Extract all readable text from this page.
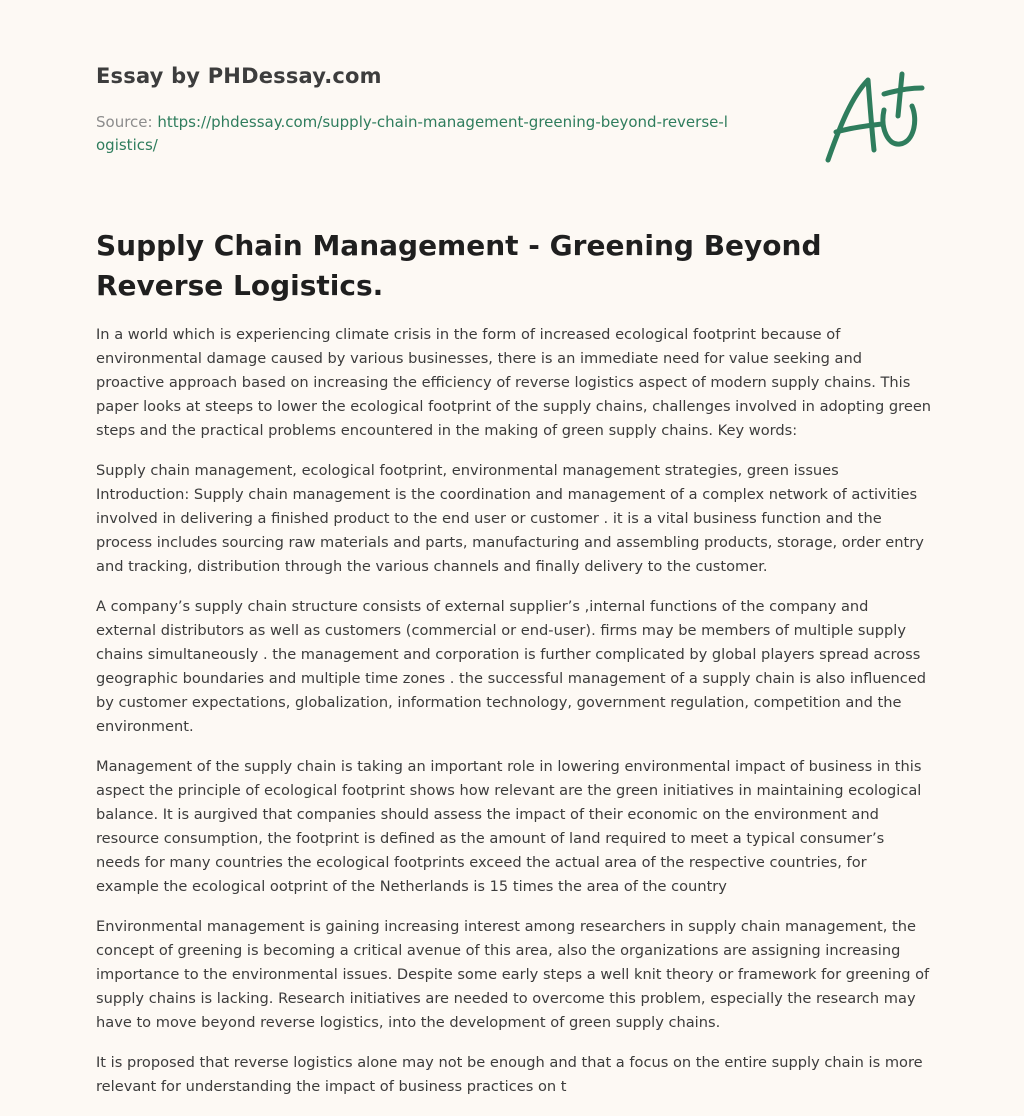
Essay by PHDessay.com
Source: https://phdessay.com/supply-chain-management-greening-beyond-reverse-logistics/
Supply Chain Management - Greening Beyond Reverse Logistics.

In a world which is experiencing climate crisis in the form of increased ecological footprint because of environmental damage caused by various businesses, there is an immediate need for value seeking and proactive approach based on increasing the efficiency of reverse logistics aspect of modern supply chains. This paper looks at steeps to lower the ecological footprint of the supply chains, challenges involved in adopting green steps and the practical problems encountered in the making of green supply chains. Key words:

Supply chain management, ecological footprint, environmental management strategies, green issues Introduction: Supply chain management is the coordination and management of a complex network of activities involved in delivering a finished product to the end user or customer . it is a vital business function and the process includes sourcing raw materials and parts, manufacturing and assembling products, storage, order entry and tracking, distribution through the various channels and finally delivery to the customer.

A company’s supply chain structure consists of external supplier’s ,internal functions of the company and external distributors as well as customers (commercial or end-user). firms may be members of multiple supply chains simultaneously . the management and corporation is further complicated by global players spread across geographic boundaries and multiple time zones . the successful management of a supply chain is also influenced by customer expectations, globalization, information technology, government regulation, competition and the environment.

Management of the supply chain is taking an important role in lowering environmental impact of business in this aspect the principle of ecological footprint shows how relevant are the green initiatives in maintaining ecological balance. It is aurgived that companies should assess the impact of their economic on the environment and resource consumption, the footprint is defined as the amount of land required to meet a typical consumer’s needs for many countries the ecological footprints exceed the actual area of the respective countries, for example the ecological ootprint of the Netherlands is 15 times the area of the country

Environmental management is gaining increasing interest among researchers in supply chain management, the concept of greening is becoming a critical avenue of this area, also the organizations are assigning increasing importance to the environmental issues. Despite some early steps a well knit theory or framework for greening of supply chains is lacking. Research initiatives are needed to overcome this problem, especially the research may have to move beyond reverse logistics, into the development of green supply chains.

It is proposed that reverse logistics alone may not be enough and that a focus on the entire supply chain is more relevant for understanding the impact of business practices on t
